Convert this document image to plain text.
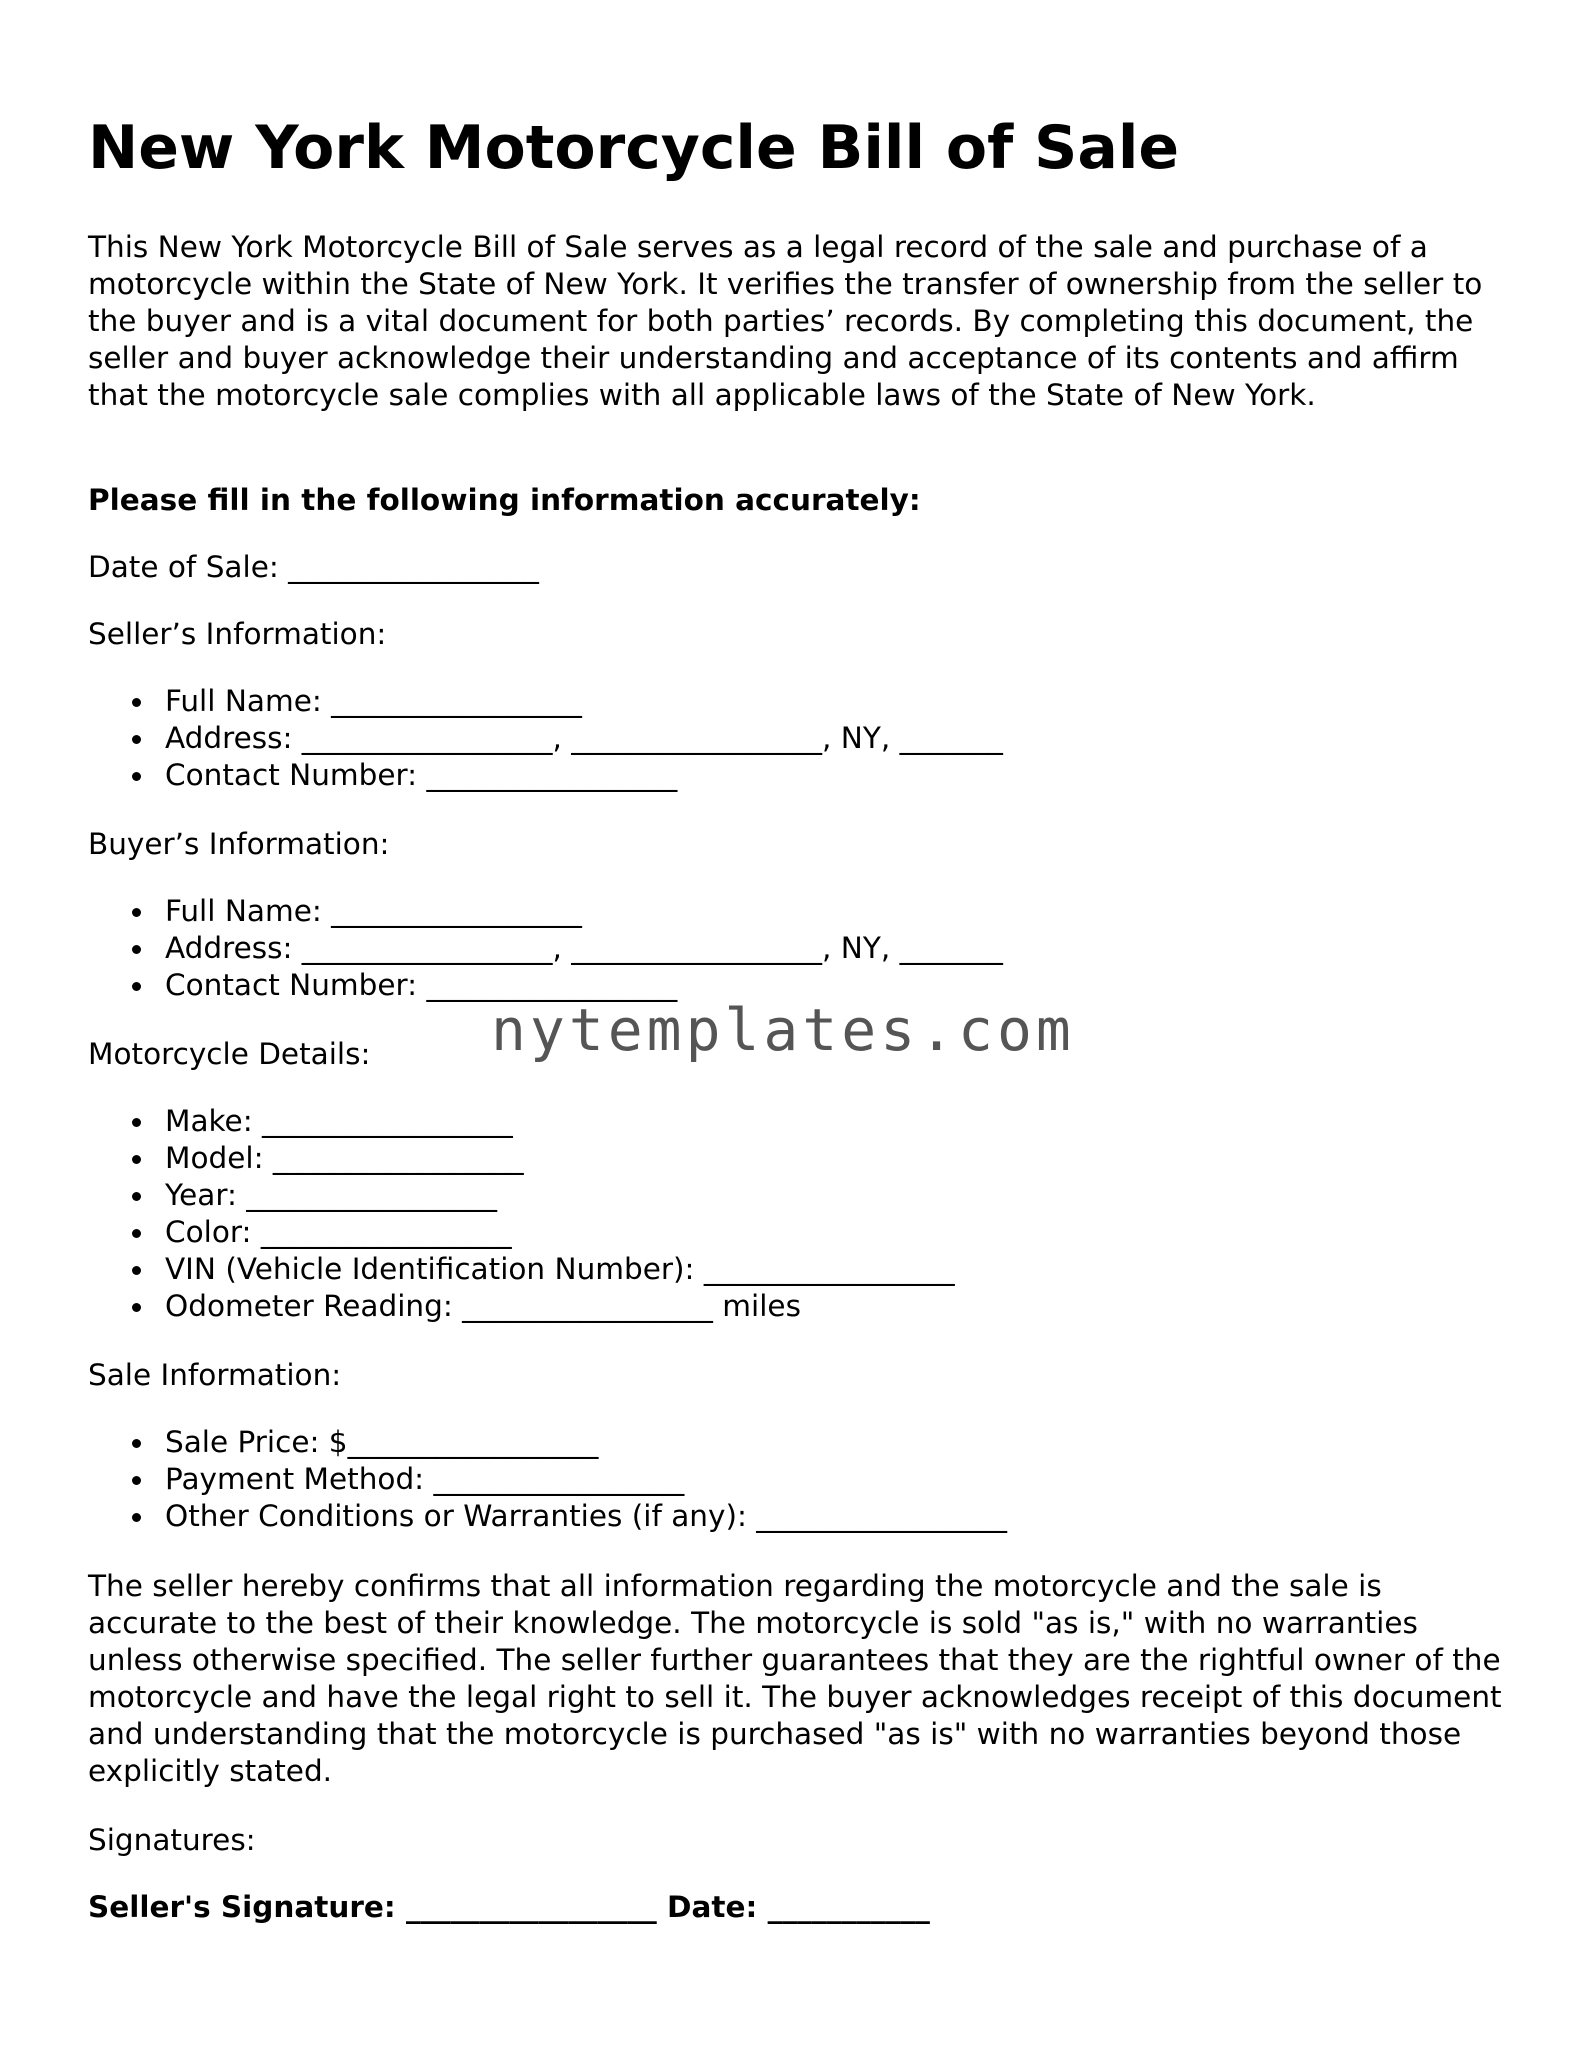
New York Motorcycle Bill of Sale

This New York Motorcycle Bill of Sale serves as a legal record of the sale and purchase of a motorcycle within the State of New York. It verifies the transfer of ownership from the seller to the buyer and is a vital document for both parties’ records. By completing this document, the seller and buyer acknowledge their understanding and acceptance of its contents and affirm that the motorcycle sale complies with all applicable laws of the State of New York.

Please fill in the following information accurately:

Date of Sale: _________________

Seller’s Information:

Full Name: _________________
Address: _________________, _________________, NY, _______
Contact Number: _________________

Buyer’s Information:

Full Name: _________________
Address: _________________, _________________, NY, _______
Contact Number: _________________

Motorcycle Details:

Make: _________________
Model: _________________
Year: _________________
Color: _________________
VIN (Vehicle Identification Number): _________________
Odometer Reading: _________________ miles

Sale Information:

Sale Price: $_________________
Payment Method: _________________
Other Conditions or Warranties (if any): _________________

The seller hereby confirms that all information regarding the motorcycle and the sale is accurate to the best of their knowledge. The motorcycle is sold "as is," with no warranties unless otherwise specified. The seller further guarantees that they are the rightful owner of the motorcycle and have the legal right to sell it. The buyer acknowledges receipt of this document and understanding that the motorcycle is purchased "as is" with no warranties beyond those explicitly stated.

Signatures:

Seller's Signature: _________________ Date: ___________

nytemplates.com
